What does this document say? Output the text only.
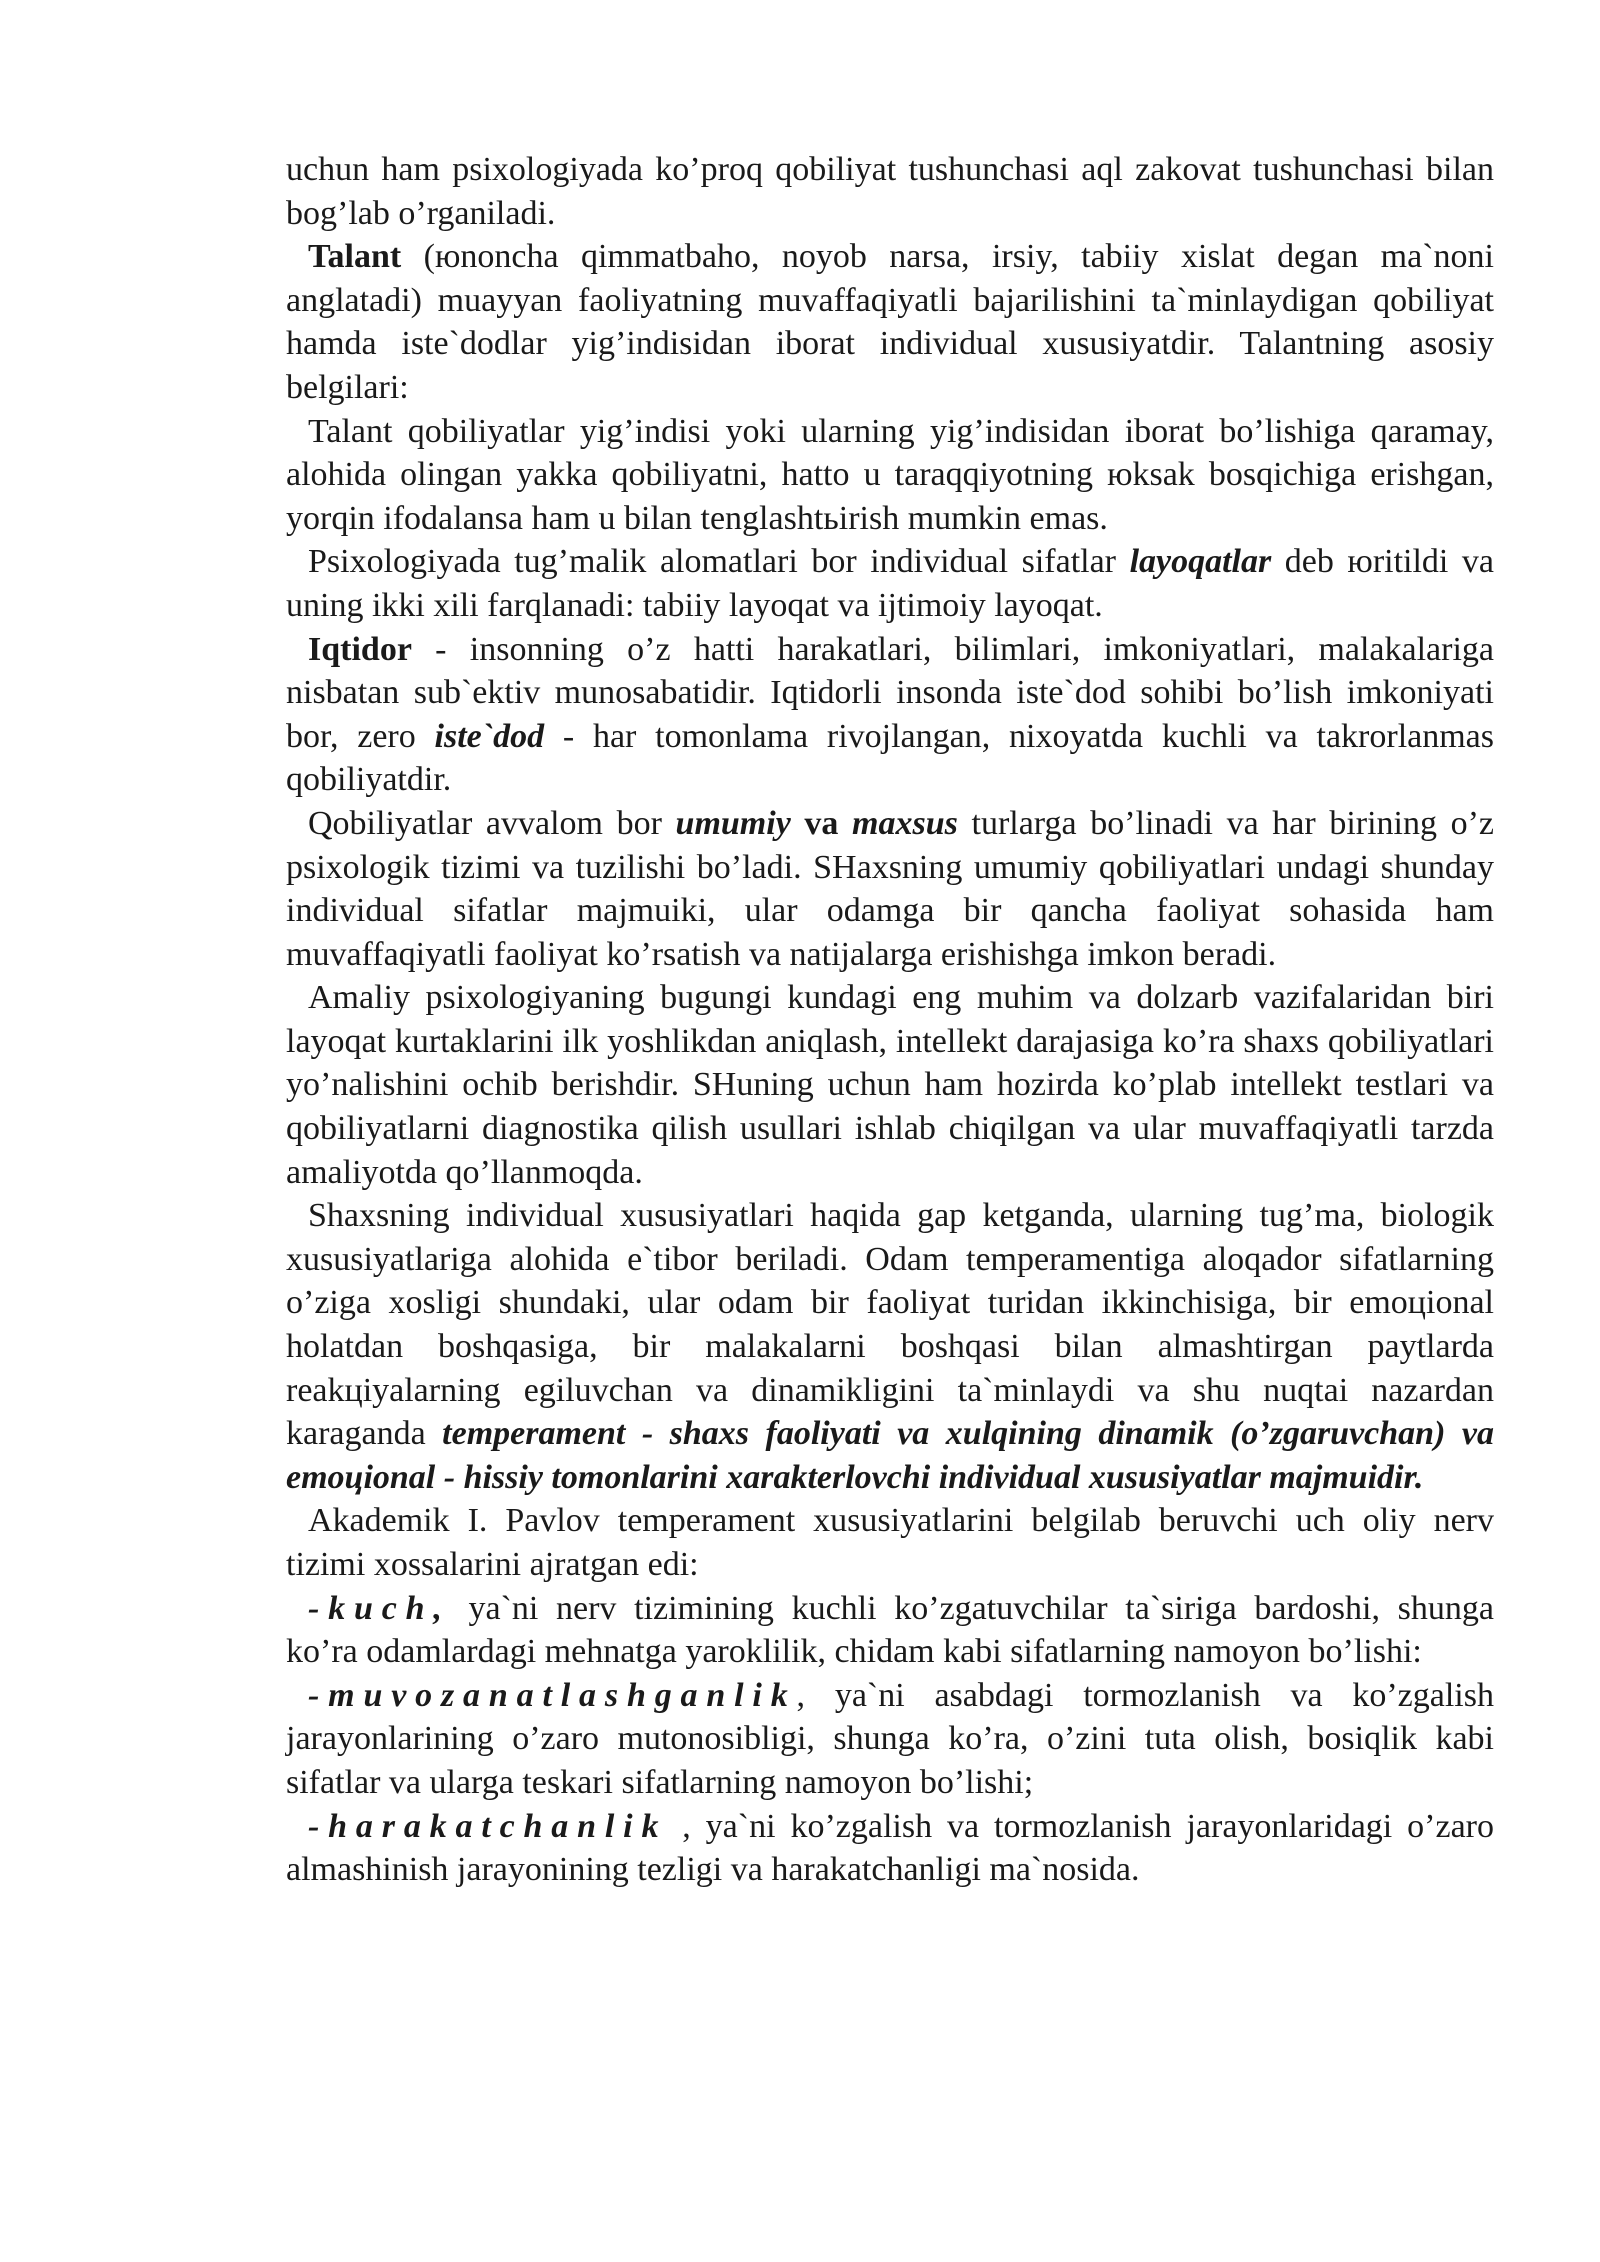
uchun ham psixologiyada ko’proq qobiliyat tushunchasi aql zakovat tushunchasi bilan bog’lab o’rganiladi.

Talant (юnoncha qimmatbaho, noyob narsa, irsiy, tabiiy xislat degan ma`noni anglatadi) muayyan faoliyatning muvaffaqiyatli bajarilishini ta`minlaydigan qobiliyat hamda iste`dodlar yig’indisidan iborat individual xususiyatdir. Talantning asosiy belgilari:

Talant qobiliyatlar yig’indisi yoki ularning yig’indisidan iborat bo’lishiga qaramay, alohida olingan yakka qobiliyatni, hatto u taraqqiyotning юksak bosqichiga erishgan, yorqin ifodalansa ham u bilan tenglashtьirish mumkin emas.

Psixologiyada tug’malik alomatlari bor individual sifatlar layoqatlar deb юritildi va uning ikki xili farqlanadi: tabiiy layoqat va ijtimoiy layoqat.

Iqtidor - insonning o’z hatti harakatlari, bilimlari, imkoniyatlari, malakalariga nisbatan sub`ektiv munosabatidir. Iqtidorli insonda iste`dod sohibi bo’lish imkoniyati bor, zero iste`dod - har tomonlama rivojlangan, nixoyatda kuchli va takrorlanmas qobiliyatdir.

Qobiliyatlar avvalom bor umumiy va maxsus turlarga bo’linadi va har birining o’z psixologik tizimi va tuzilishi bo’ladi. SHaxsning umumiy qobiliyatlari undagi shunday individual sifatlar majmuiki, ular odamga bir qancha faoliyat sohasida ham muvaffaqiyatli faoliyat ko’rsatish va natijalarga erishishga imkon beradi.

Amaliy psixologiyaning bugungi kundagi eng muhim va dolzarb vazifalaridan biri layoqat kurtaklarini ilk yoshlikdan aniqlash, intellekt darajasiga ko’ra shaxs qobiliyatlari yo’nalishini ochib berishdir. SHuning uchun ham hozirda ko’plab intellekt testlari va qobiliyatlarni diagnostika qilish usullari ishlab chiqilgan va ular muvaffaqiyatli tarzda amaliyotda qo’llanmoqda.

Shaxsning individual xususiyatlari haqida gap ketganda, ularning tug’ma, biologik xususiyatlariga alohida e`tibor beriladi. Odam temperamentiga aloqador sifatlarning o’ziga xosligi shundaki, ular odam bir faoliyat turidan ikkinchisiga, bir emoцional holatdan boshqasiga, bir malakalarni boshqasi bilan almashtirgan paytlarda reakцiyalarning egiluvchan va dinamikligini ta`minlaydi va shu nuqtai nazardan karaganda temperament - shaxs faoliyati va xulqining dinamik (o’zgaruvchan) va emoцional - hissiy tomonlarini xarakterlovchi individual xususiyatlar majmuidir.

Akademik I. Pavlov temperament xususiyatlarini belgilab beruvchi uch oliy nerv tizimi xossalarini ajratgan edi:

-kuch, ya`ni nerv tizimining kuchli ko’zgatuvchilar ta`siriga bardoshi, shunga ko’ra odamlardagi mehnatga yaroklilik, chidam kabi sifatlarning namoyon bo’lishi:

-muvozanatlashganlik, ya`ni asabdagi tormozlanish va ko’zgalish jarayonlarining o’zaro mutonosibligi, shunga ko’ra, o’zini tuta olish, bosiqlik kabi sifatlar va ularga teskari sifatlarning namoyon bo’lishi;

-harakatchanlik , ya`ni ko’zgalish va tormozlanish jarayonlaridagi o’zaro almashinish jarayonining tezligi va harakatchanligi ma`nosida.
